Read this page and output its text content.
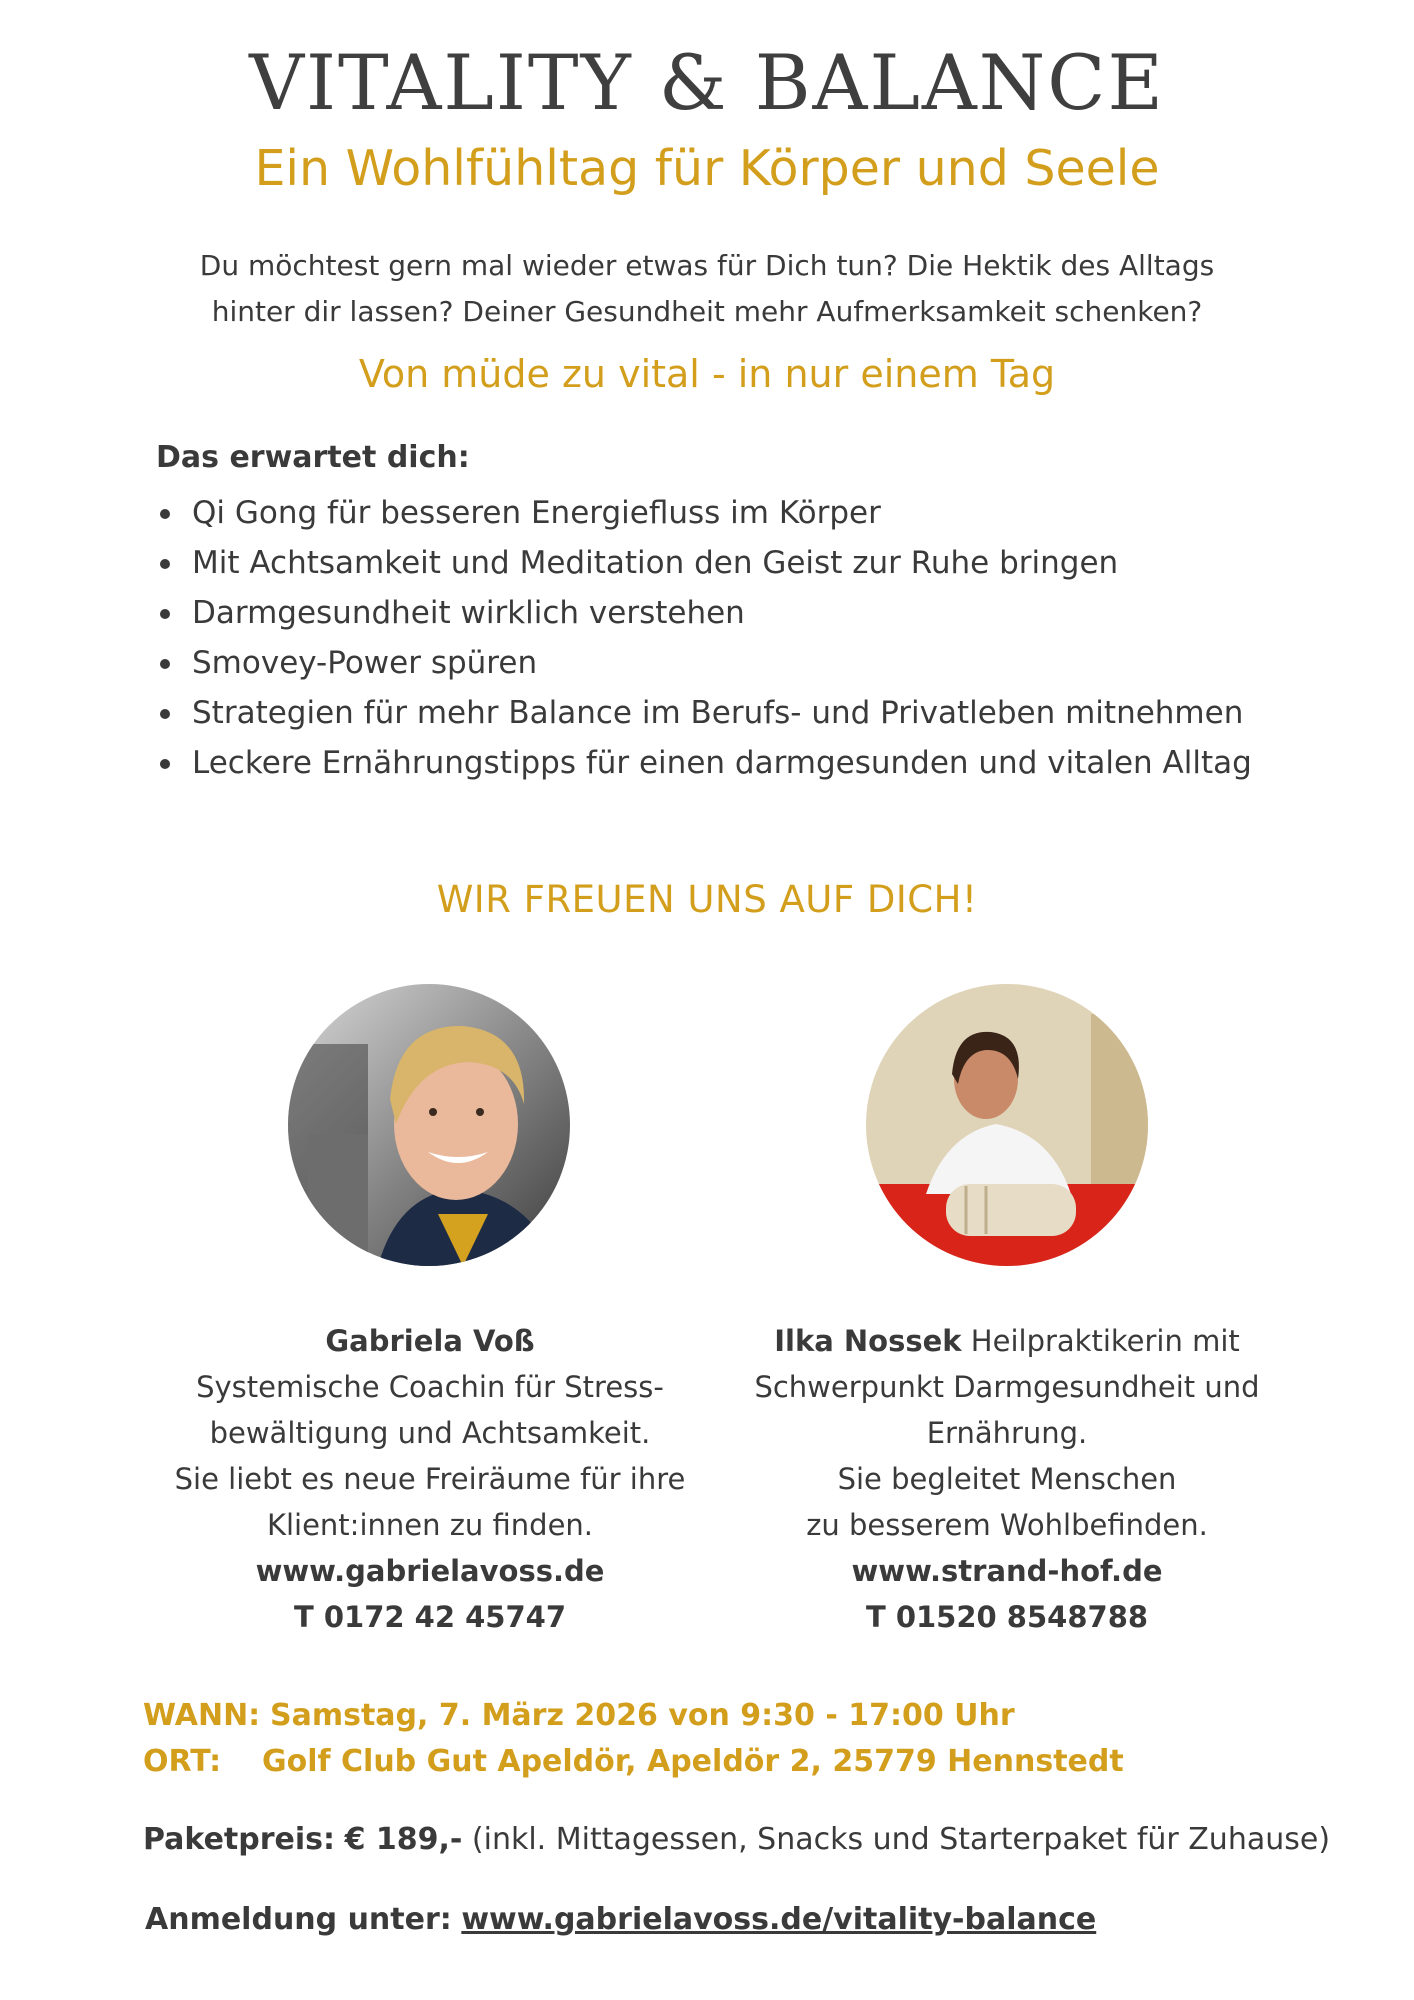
VITALITY & BALANCE
Ein Wohlfühltag für Körper und Seele
Du möchtest gern mal wieder etwas für Dich tun? Die Hektik des Alltags
hinter dir lassen? Deiner Gesundheit mehr Aufmerksamkeit schenken?
Von müde zu vital - in nur einem Tag
Das erwartet dich:
Qi Gong für besseren Energiefluss im Körper
Mit Achtsamkeit und Meditation den Geist zur Ruhe bringen
Darmgesundheit wirklich verstehen
Smovey-Power spüren
Strategien für mehr Balance im Berufs- und Privatleben mitnehmen
Leckere Ernährungstipps für einen darmgesunden und vitalen Alltag
WIR FREUEN UNS AUF DICH!
Gabriela Voß
Systemische Coachin für Stress-
bewältigung und Achtsamkeit.
Sie liebt es neue Freiräume für ihre
Klient:innen zu finden.
www.gabrielavoss.de
T 0172 42 45747
Ilka Nossek Heilpraktikerin mit
Schwerpunkt Darmgesundheit und
Ernährung.
Sie begleitet Menschen
zu besserem Wohlbefinden.
www.strand-hof.de
T 01520 8548788
WANN: Samstag, 7. März 2026 von 9:30 - 17:00 Uhr
ORT: Golf Club Gut Apeldör, Apeldör 2, 25779 Hennstedt
Paketpreis: € 189,- (inkl. Mittagessen, Snacks und Starterpaket für Zuhause)
Anmeldung unter: www.gabrielavoss.de/vitality-balance
